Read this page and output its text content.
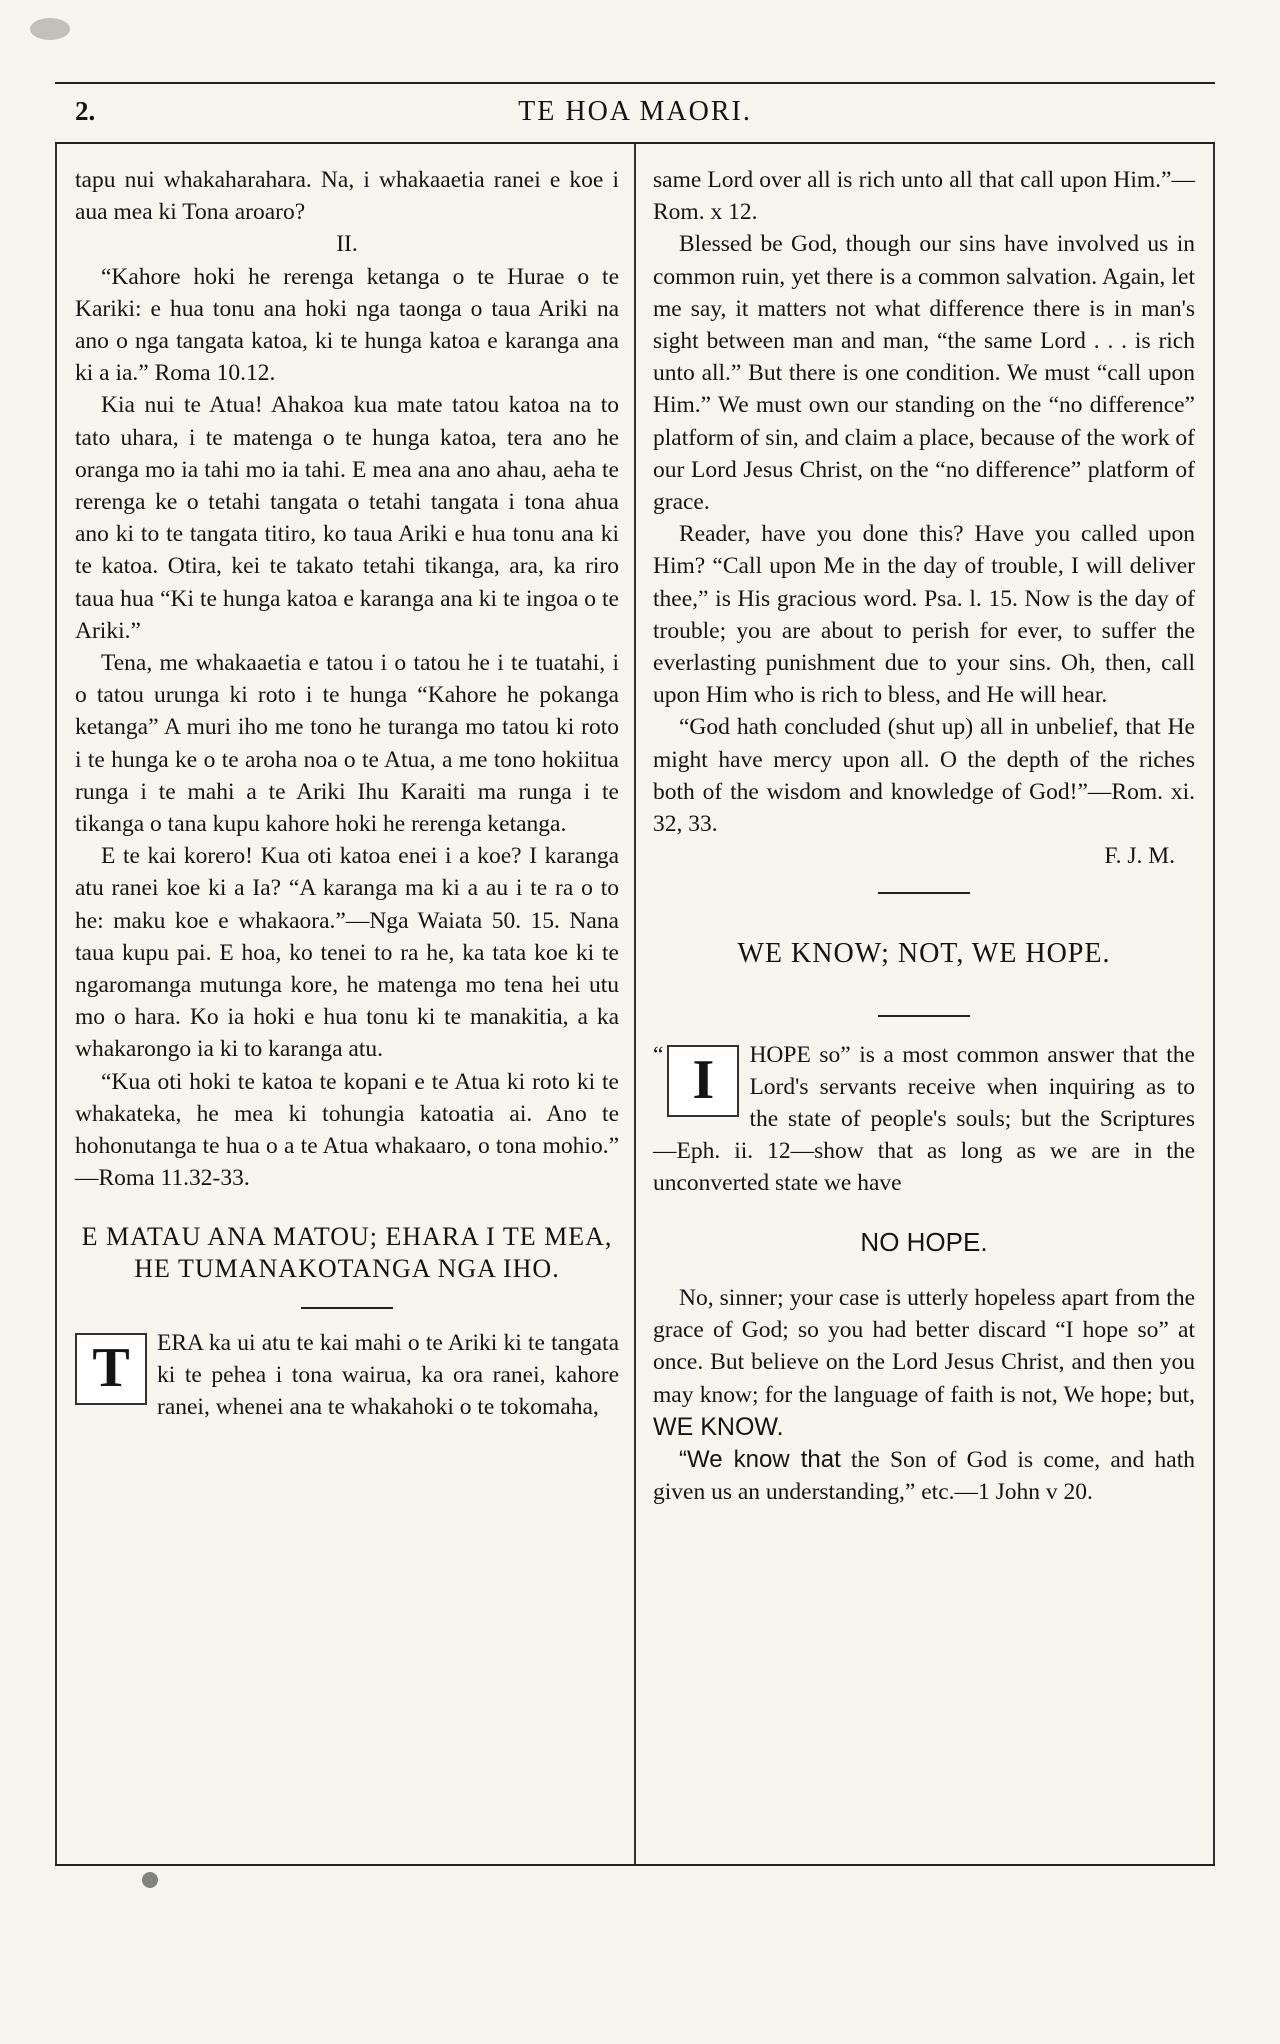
2.	TE HOA MAORI.

tapu nui whakaharahara. Na, i whakaaetia ranei e koe i aua mea ki Tona aroaro?

II.

“Kahore hoki he rerenga ketanga o te Hurae o te Kariki: e hua tonu ana hoki nga taonga o taua Ariki na ano o nga tangata katoa, ki te hunga katoa e karanga ana ki a ia.” Roma 10.12.

Kia nui te Atua! Ahakoa kua mate tatou katoa na to tato uhara, i te matenga o te hunga katoa, tera ano he oranga mo ia tahi mo ia tahi. E mea ana ano ahau, aeha te rerenga ke o tetahi tangata o tetahi tangata i tona ahua ano ki to te tangata titiro, ko taua Ariki e hua tonu ana ki te katoa. Otira, kei te takato tetahi tikanga, ara, ka riro taua hua “Ki te hunga katoa e karanga ana ki te ingoa o te Ariki.”

Tena, me whakaaetia e tatou i o tatou he i te tuatahi, i o tatou urunga ki roto i te hunga “Kahore he pokanga ketanga” A muri iho me tono he turanga mo tatou ki roto i te hunga ke o te aroha noa o te Atua, a me tono hokiitua runga i te mahi a te Ariki Ihu Karaiti ma runga i te tikanga o tana kupu kahore hoki he rerenga ketanga.

E te kai korero! Kua oti katoa enei i a koe? I karanga atu ranei koe ki a Ia? “A karanga ma ki a au i te ra o to he: maku koe e whakaora.”—Nga Waiata 50. 15. Nana taua kupu pai. E hoa, ko tenei to ra he, ka tata koe ki te ngaromanga mutunga kore, he matenga mo tena hei utu mo o hara. Ko ia hoki e hua tonu ki te manakitia, a ka whakarongo ia ki to karanga atu.

“Kua oti hoki te katoa te kopani e te Atua ki roto ki te whakateka, he mea ki tohungia katoatia ai. Ano te hohonutanga te hua o a te Atua whakaaro, o tona mohio.” —Roma 11.32-33.

E MATAU ANA MATOU; EHARA I TE MEA, HE TUMANAKOTANGA NGA IHO.

T	ERA ka ui atu te kai mahi o te Ariki ki te tangata ki te pehea i tona wairua, ka ora ranei, kahore ranei, whenei ana te whakahoki o te tokomaha,

same Lord over all is rich unto all that call upon Him.”—Rom. x 12.

Blessed be God, though our sins have involved us in common ruin, yet there is a common salvation. Again, let me say, it matters not what difference there is in man's sight between man and man, “the same Lord . . . is rich unto all.” But there is one condition. We must “call upon Him.” We must own our standing on the “no difference” platform of sin, and claim a place, because of the work of our Lord Jesus Christ, on the “no difference” platform of grace.

Reader, have you done this? Have you called upon Him? “Call upon Me in the day of trouble, I will deliver thee,” is His gracious word. Psa. l. 15. Now is the day of trouble; you are about to perish for ever, to suffer the everlasting punishment due to your sins. Oh, then, call upon Him who is rich to bless, and He will hear.

“God hath concluded (shut up) all in unbelief, that He might have mercy upon all. O the depth of the riches both of the wisdom and knowledge of God!”—Rom. xi. 32, 33.

F. J. M.

WE KNOW; NOT, WE HOPE.

“ I	HOPE so” is a most common answer that the Lord's servants receive when inquiring as to the state of people's souls; but the Scriptures —Eph. ii. 12—show that as long as we are in the unconverted state we have

NO HOPE.

No, sinner; your case is utterly hopeless apart from the grace of God; so you had better discard “I hope so” at once. But believe on the Lord Jesus Christ, and then you may know; for the language of faith is not, We hope; but, WE KNOW.

“We know that the Son of God is come, and hath given us an understanding,” etc.—1 John v 20.
